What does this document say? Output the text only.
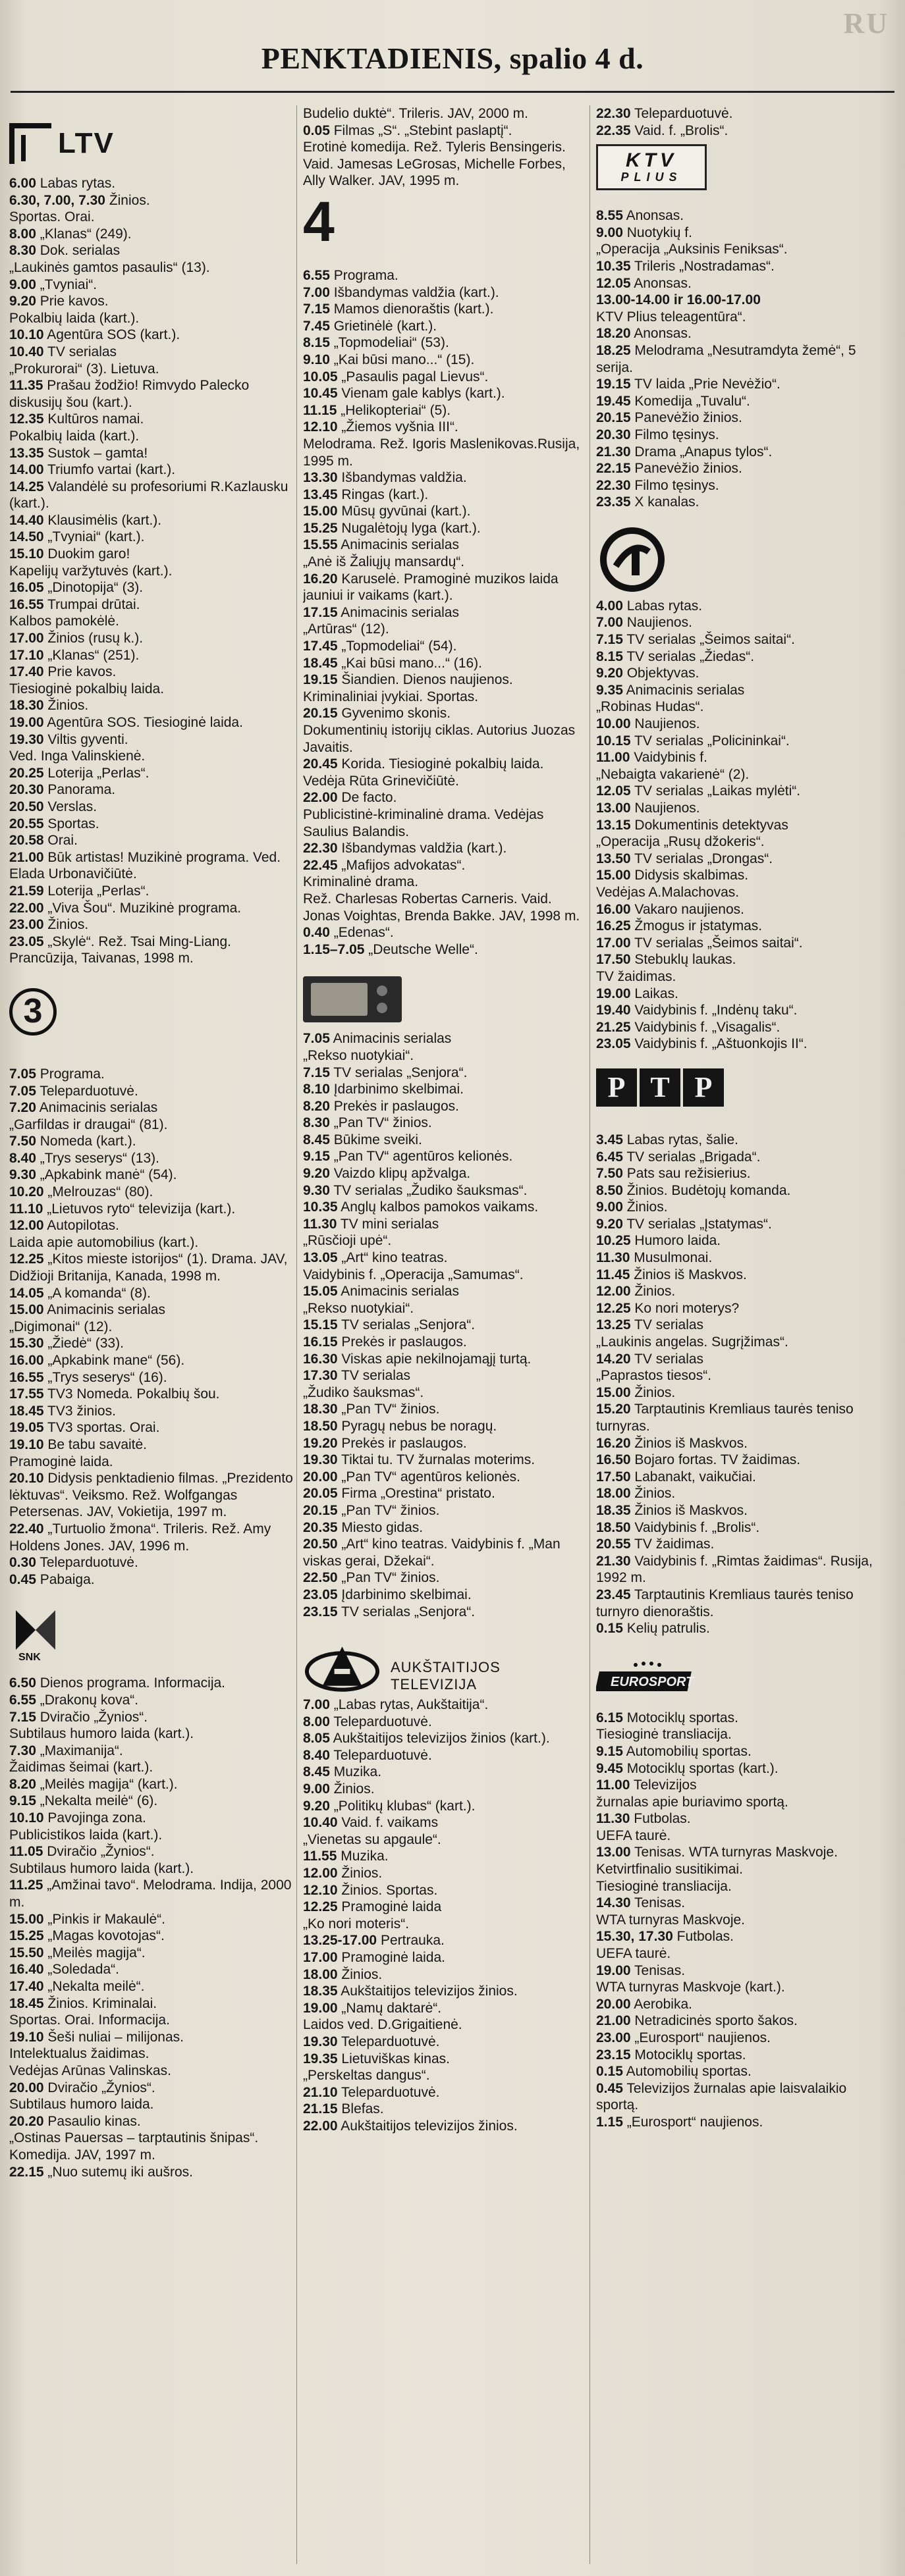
RU
PENKTADIENIS, spalio 4 d.
LTV
6.00 Labas rytas.
6.30, 7.00, 7.30 Žinios.
Sportas. Orai.
8.00 „Klanas“ (249).
8.30 Dok. serialas
„Laukinės gamtos pasaulis“ (13).
9.00 „Tvyniai“.
9.20 Prie kavos.
Pokalbių laida (kart.).
10.10 Agentūra SOS (kart.).
10.40 TV serialas
„Prokurorai“ (3). Lietuva.
11.35 Prašau žodžio! Rimvydo Palecko diskusijų šou (kart.).
12.35 Kultūros namai.
Pokalbių laida (kart.).
13.35 Sustok – gamta!
14.00 Triumfo vartai (kart.).
14.25 Valandėlė su profesoriumi R.Kazlausku (kart.).
14.40 Klausimėlis (kart.).
14.50 „Tvyniai“ (kart.).
15.10 Duokim garo!
Kapelijų varžytuvės (kart.).
16.05 „Dinotopija“ (3).
16.55 Trumpai drūtai.
Kalbos pamokėlė.
17.00 Žinios (rusų k.).
17.10 „Klanas“ (251).
17.40 Prie kavos.
Tiesioginė pokalbių laida.
18.30 Žinios.
19.00 Agentūra SOS. Tiesioginė laida.
19.30 Viltis gyventi.
Ved. Inga Valinskienė.
20.25 Loterija „Perlas“.
20.30 Panorama.
20.50 Verslas.
20.55 Sportas.
20.58 Orai.
21.00 Būk artistas! Muzikinė programa. Ved. Elada Urbonavičiūtė.
21.59 Loterija „Perlas“.
22.00 „Viva Šou“. Muzikinė programa.
23.00 Žinios.
23.05 „Skylė“. Rež. Tsai Ming-Liang. Prancūzija, Taivanas, 1998 m.
3
7.05 Programa.
7.05 Teleparduotuvė.
7.20 Animacinis serialas
„Garfildas ir draugai“ (81).
7.50 Nomeda (kart.).
8.40 „Trys seserys“ (13).
9.30 „Apkabink manė“ (54).
10.20 „Melrouzas“ (80).
11.10 „Lietuvos ryto“ televizija (kart.).
12.00 Autopilotas.
Laida apie automobilius (kart.).
12.25 „Kitos mieste istorijos“ (1). Drama. JAV, Didžioji Britanija, Kanada, 1998 m.
14.05 „A komanda“ (8).
15.00 Animacinis serialas
„Digimonai“ (12).
15.30 „Žiedė“ (33).
16.00 „Apkabink mane“ (56).
16.55 „Trys seserys“ (16).
17.55 TV3 Nomeda. Pokalbių šou.
18.45 TV3 žinios.
19.05 TV3 sportas. Orai.
19.10 Be tabu savaitė.
Pramoginė laida.
20.10 Didysis penktadienio filmas. „Prezidento lėktuvas“. Veiksmo. Rež. Wolfgangas Petersenas. JAV, Vokietija, 1997 m.
22.40 „Turtuolio žmona“. Trileris. Rež. Amy Holdens Jones. JAV, 1996 m.
0.30 Teleparduotuvė.
0.45 Pabaiga.
SNK
6.50 Dienos programa. Informacija.
6.55 „Drakonų kova“.
7.15 Dviračio „Žynios“.
Subtilaus humoro laida (kart.).
7.30 „Maximanija“.
Žaidimas šeimai (kart.).
8.20 „Meilės magija“ (kart.).
9.15 „Nekalta meilė“ (6).
10.10 Pavojinga zona.
Publicistikos laida (kart.).
11.05 Dviračio „Žynios“.
Subtilaus humoro laida (kart.).
11.25 „Amžinai tavo“. Melodrama. Indija, 2000 m.
15.00 „Pinkis ir Makaulė“.
15.25 „Magas kovotojas“.
15.50 „Meilės magija“.
16.40 „Soledada“.
17.40 „Nekalta meilė“.
18.45 Žinios. Kriminalai.
Sportas. Orai. Informacija.
19.10 Šeši nuliai – milijonas.
Intelektualus žaidimas.
Vedėjas Arūnas Valinskas.
20.00 Dviračio „Žynios“.
Subtilaus humoro laida.
20.20 Pasaulio kinas.
„Ostinas Pauersas – tarptautinis šnipas“. Komedija. JAV, 1997 m.
22.15 „Nuo sutemų iki aušros.
Budelio duktė“. Trileris. JAV, 2000 m.
0.05 Filmas „S“. „Stebint paslaptį“.
Erotinė komedija. Rež. Tyleris Bensingeris. Vaid. Jamesas LeGrosas, Michelle Forbes, Ally Walker. JAV, 1995 m.
4
6.55 Programa.
7.00 Išbandymas valdžia (kart.).
7.15 Mamos dienoraštis (kart.).
7.45 Grietinėlė (kart.).
8.15 „Topmodeliai“ (53).
9.10 „Kai būsi mano...“ (15).
10.05 „Pasaulis pagal Lievus“.
10.45 Vienam gale kablys (kart.).
11.15 „Helikopteriai“ (5).
12.10 „Žiemos vyšnia III“.
Melodrama. Rež. Igoris Maslenikovas.Rusija, 1995 m.
13.30 Išbandymas valdžia.
13.45 Ringas (kart.).
15.00 Mūsų gyvūnai (kart.).
15.25 Nugalėtojų lyga (kart.).
15.55 Animacinis serialas
„Anė iš Žaliųjų mansardų“.
16.20 Karuselė. Pramoginė muzikos laida jauniui ir vaikams (kart.).
17.15 Animacinis serialas
„Artūras“ (12).
17.45 „Topmodeliai“ (54).
18.45 „Kai būsi mano...“ (16).
19.15 Šiandien. Dienos naujienos. Kriminaliniai įvykiai. Sportas.
20.15 Gyvenimo skonis.
Dokumentinių istorijų ciklas. Autorius Juozas Javaitis.
20.45 Korida. Tiesioginė pokalbių laida. Vedėja Rūta Grinevičiūtė.
22.00 De facto.
Publicistinė-kriminalinė drama. Vedėjas Saulius Balandis.
22.30 Išbandymas valdžia (kart.).
22.45 „Mafijos advokatas“.
Kriminalinė drama.
Rež. Charlesas Robertas Carneris. Vaid. Jonas Voightas, Brenda Bakke. JAV, 1998 m.
0.40 „Edenas“.
1.15–7.05 „Deutsche Welle“.
7.05 Animacinis serialas
„Rekso nuotykiai“.
7.15 TV serialas „Senjora“.
8.10 Įdarbinimo skelbimai.
8.20 Prekės ir paslaugos.
8.30 „Pan TV“ žinios.
8.45 Būkime sveiki.
9.15 „Pan TV“ agentūros kelionės.
9.20 Vaizdo klipų apžvalga.
9.30 TV serialas „Žudiko šauksmas“.
10.35 Anglų kalbos pamokos vaikams.
11.30 TV mini serialas
„Rūsčioji upė“.
13.05 „Art“ kino teatras.
Vaidybinis f. „Operacija „Samumas“.
15.05 Animacinis serialas
„Rekso nuotykiai“.
15.15 TV serialas „Senjora“.
16.15 Prekės ir paslaugos.
16.30 Viskas apie nekilnojamąjį turtą.
17.30 TV serialas
„Žudiko šauksmas“.
18.30 „Pan TV“ žinios.
18.50 Pyragų nebus be noragų.
19.20 Prekės ir paslaugos.
19.30 Tiktai tu. TV žurnalas moterims.
20.00 „Pan TV“ agentūros kelionės.
20.05 Firma „Orestina“ pristato.
20.15 „Pan TV“ žinios.
20.35 Miesto gidas.
20.50 „Art“ kino teatras. Vaidybinis f. „Man viskas gerai, Džekai“.
22.50 „Pan TV“ žinios.
23.05 Įdarbinimo skelbimai.
23.15 TV serialas „Senjora“.
AUKŠTAITIJOS TELEVIZIJA
7.00 „Labas rytas, Aukštaitija“.
8.00 Teleparduotuvė.
8.05 Aukštaitijos televizijos žinios (kart.).
8.40 Teleparduotuvė.
8.45 Muzika.
9.00 Žinios.
9.20 „Politikų klubas“ (kart.).
10.40 Vaid. f. vaikams
„Vienetas su apgaule“.
11.55 Muzika.
12.00 Žinios.
12.10 Žinios. Sportas.
12.25 Pramoginė laida
„Ko nori moteris“.
13.25-17.00 Pertrauka.
17.00 Pramoginė laida.
18.00 Žinios.
18.35 Aukštaitijos televizijos žinios.
19.00 „Namų daktarė“.
Laidos ved. D.Grigaitienė.
19.30 Teleparduotuvė.
19.35 Lietuviškas kinas.
„Perskeltas dangus“.
21.10 Teleparduotuvė.
21.15 Blefas.
22.00 Aukštaitijos televizijos žinios.
22.30 Teleparduotuvė.
22.35 Vaid. f. „Brolis“.
KTV
PLIUS
8.55 Anonsas.
9.00 Nuotykių f.
„Operacija „Auksinis Feniksas“.
10.35 Trileris „Nostradamas“.
12.05 Anonsas.
13.00-14.00 ir 16.00-17.00
KTV Plius teleagentūra“.
18.20 Anonsas.
18.25 Melodrama „Nesutramdyta žemė“, 5 serija.
19.15 TV laida „Prie Nevėžio“.
19.45 Komedija „Tuvalu“.
20.15 Panevėžio žinios.
20.30 Filmo tęsinys.
21.30 Drama „Anapus tylos“.
22.15 Panevėžio žinios.
22.30 Filmo tęsinys.
23.35 X kanalas.
4.00 Labas rytas.
7.00 Naujienos.
7.15 TV serialas „Šeimos saitai“.
8.15 TV serialas „Žiedas“.
9.20 Objektyvas.
9.35 Animacinis serialas
„Robinas Hudas“.
10.00 Naujienos.
10.15 TV serialas „Policininkai“.
11.00 Vaidybinis f.
„Nebaigta vakarienė“ (2).
12.05 TV serialas „Laikas mylėti“.
13.00 Naujienos.
13.15 Dokumentinis detektyvas
„Operacija „Rusų džokeris“.
13.50 TV serialas „Drongas“.
15.00 Didysis skalbimas.
Vedėjas A.Malachovas.
16.00 Vakaro naujienos.
16.25 Žmogus ir įstatymas.
17.00 TV serialas „Šeimos saitai“.
17.50 Stebuklų laukas.
TV žaidimas.
19.00 Laikas.
19.40 Vaidybinis f. „Indėnų taku“.
21.25 Vaidybinis f. „Visagalis“.
23.05 Vaidybinis f. „Aštuonkojis II“.
Р Т Р
3.45 Labas rytas, šalie.
6.45 TV serialas „Brigada“.
7.50 Pats sau režisierius.
8.50 Žinios. Budėtojų komanda.
9.00 Žinios.
9.20 TV serialas „Įstatymas“.
10.25 Humoro laida.
11.30 Musulmonai.
11.45 Žinios iš Maskvos.
12.00 Žinios.
12.25 Ko nori moterys?
13.25 TV serialas
„Laukinis angelas. Sugrįžimas“.
14.20 TV serialas
„Paprastos tiesos“.
15.00 Žinios.
15.20 Tarptautinis Kremliaus taurės teniso turnyras.
16.20 Žinios iš Maskvos.
16.50 Bojaro fortas. TV žaidimas.
17.50 Labanakt, vaikučiai.
18.00 Žinios.
18.35 Žinios iš Maskvos.
18.50 Vaidybinis f. „Brolis“.
20.55 TV žaidimas.
21.30 Vaidybinis f. „Rimtas žaidimas“. Rusija, 1992 m.
23.45 Tarptautinis Kremliaus taurės teniso turnyro dienoraštis.
0.15 Kelių patrulis.
EUROSPORT
6.15 Motociklų sportas.
Tiesioginė transliacija.
9.15 Automobilių sportas.
9.45 Motociklų sportas (kart.).
11.00 Televizijos
žurnalas apie buriavimo sportą.
11.30 Futbolas.
UEFA taurė.
13.00 Tenisas. WTA turnyras Maskvoje. Ketvirtfinalio susitikimai.
Tiesioginė transliacija.
14.30 Tenisas.
WTA turnyras Maskvoje.
15.30, 17.30 Futbolas.
UEFA taurė.
19.00 Tenisas.
WTA turnyras Maskvoje (kart.).
20.00 Aerobika.
21.00 Netradicinės sporto šakos.
23.00 „Eurosport“ naujienos.
23.15 Motociklų sportas.
0.15 Automobilių sportas.
0.45 Televizijos žurnalas apie laisvalaikio sportą.
1.15 „Eurosport“ naujienos.
